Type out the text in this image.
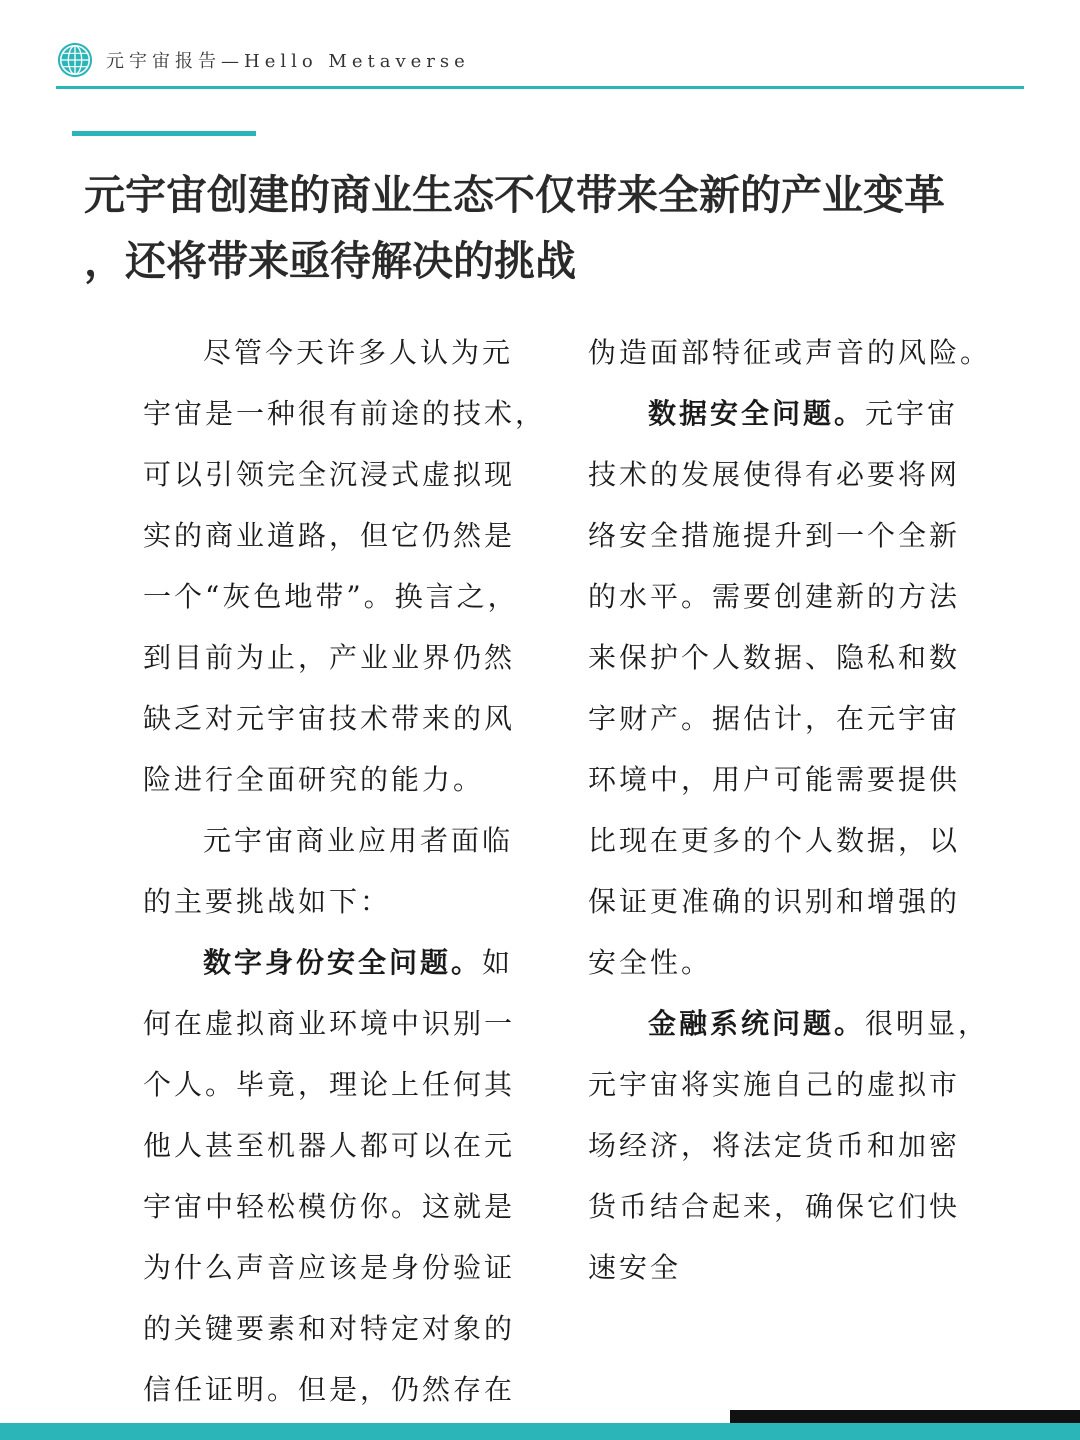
元宇宙报告—Hello Metaverse
元宇宙创建的商业生态不仅带来全新的产业变革
，还将带来亟待解决的挑战
尽管今天许多人认为元
宇宙是一种很有前途的技术，
可以引领完全沉浸式虚拟现
实的商业道路，但它仍然是
一个“灰色地带”。换言之，
到目前为止，产业业界仍然
缺乏对元宇宙技术带来的风
险进行全面研究的能力。
元宇宙商业应用者面临
的主要挑战如下：
数字身份安全问题。如
何在虚拟商业环境中识别一
个人。毕竟，理论上任何其
他人甚至机器人都可以在元
宇宙中轻松模仿你。这就是
为什么声音应该是身份验证
的关键要素和对特定对象的
信任证明。但是，仍然存在
伪造面部特征或声音的风险。
数据安全问题。元宇宙
技术的发展使得有必要将网
络安全措施提升到一个全新
的水平。需要创建新的方法
来保护个人数据、隐私和数
字财产。据估计，在元宇宙
环境中，用户可能需要提供
比现在更多的个人数据，以
保证更准确的识别和增强的
安全性。
金融系统问题。很明显，
元宇宙将实施自己的虚拟市
场经济，将法定货币和加密
货币结合起来，确保它们快
速安全
